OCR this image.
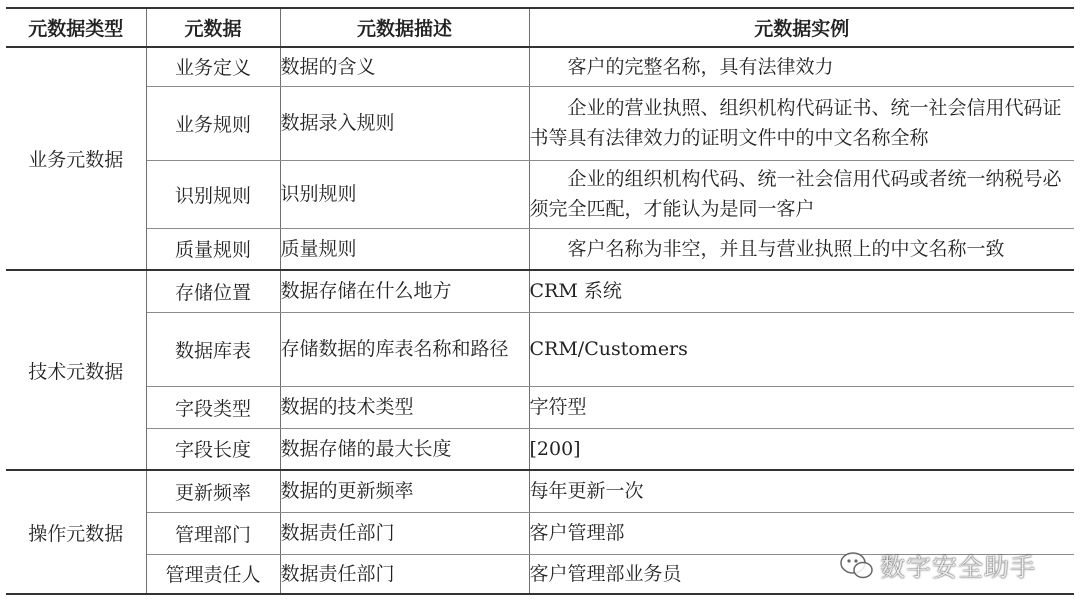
元数据类型	元数据	元数据描述	元数据实例
业务元数据	业务定义	数据的含义	客户的完整名称，具有法律效力

	业务规则	数据录入规则	企业的营业执照、组织机构代码证书、统一社会信用代码证书等具有法律效力的证明文件中的中文名称全称

	识别规则	识别规则	企业的组织机构代码、统一社会信用代码或者统一纳税号必须完全匹配，才能认为是同一客户

	质量规则	质量规则	客户名称为非空，并且与营业执照上的中文名称一致

技术元数据	存储位置	数据存储在什么地方	CRM 系统
	数据库表	存储数据的库表名称和路径	CRM/Customers
	字段类型	数据的技术类型	字符型
	字段长度	数据存储的最大长度	[200]
操作元数据	更新频率	数据的更新频率	每年更新一次
	管理部门	数据责任部门	客户管理部
	管理责任人	数据责任部门	客户管理部业务员	数字安全助手
